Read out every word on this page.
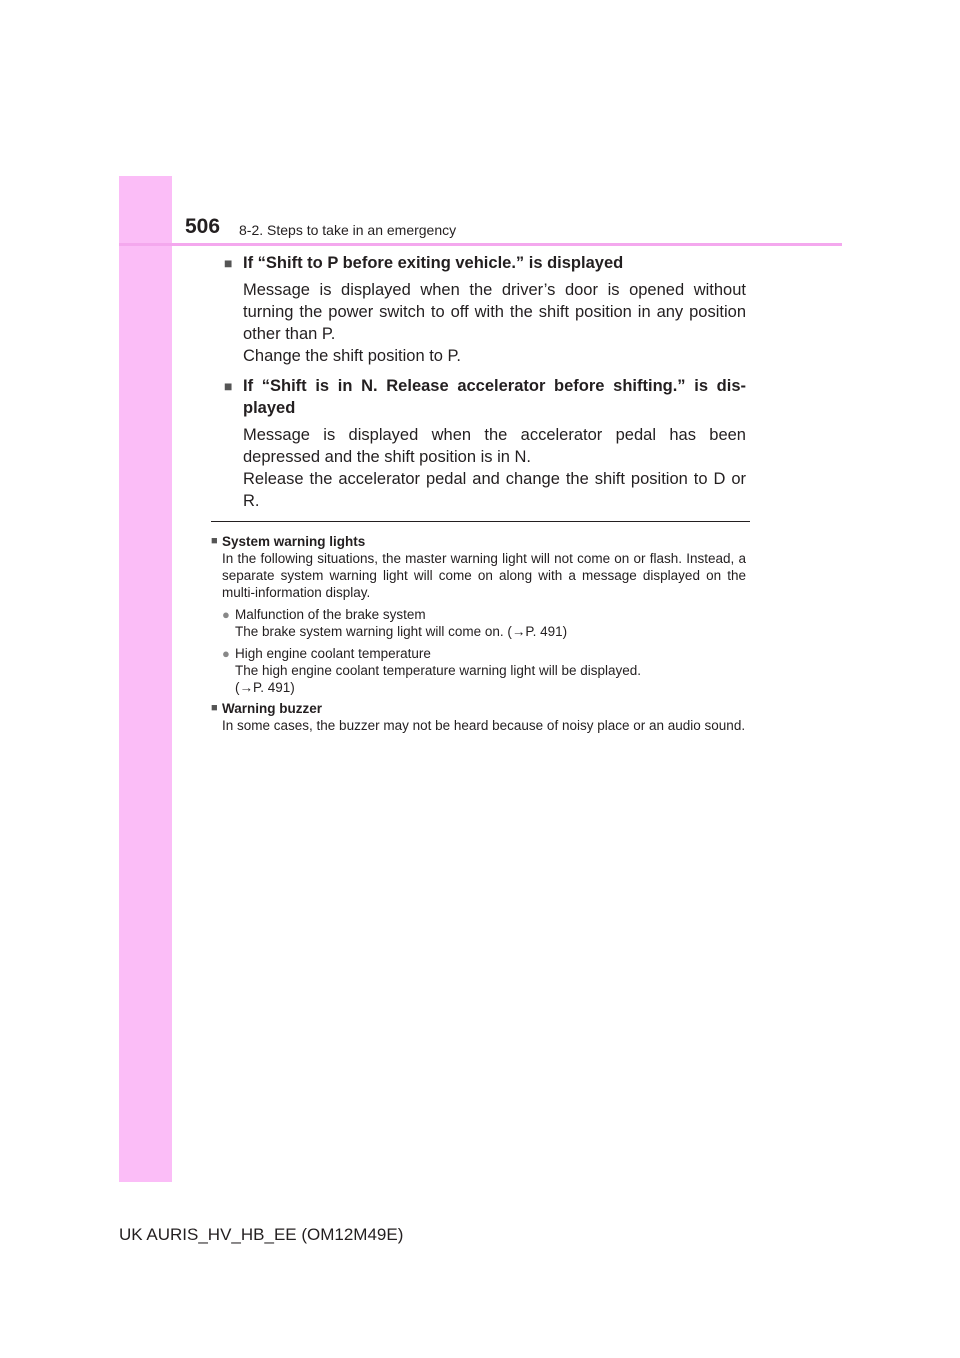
506 8-2. Steps to take in an emergency
■ If “Shift to P before exiting vehicle.” is displayed

Message is displayed when the driver’s door is opened without turning the power switch to off with the shift position in any position other than P.
Change the shift position to P.

■ If “Shift is in N. Release accelerator before shifting.” is dis-played

Message is displayed when the accelerator pedal has been depressed and the shift position is in N.
Release the accelerator pedal and change the shift position to D or R.

■ System warning lights
In the following situations, the master warning light will not come on or flash. Instead, a separate system warning light will come on along with a message displayed on the multi-information display.
● Malfunction of the brake system
The brake system warning light will come on. (→P. 491)
● High engine coolant temperature
The high engine coolant temperature warning light will be displayed.
(→P. 491)
■ Warning buzzer
In some cases, the buzzer may not be heard because of noisy place or an audio sound.
UK AURIS_HV_HB_EE (OM12M49E)
